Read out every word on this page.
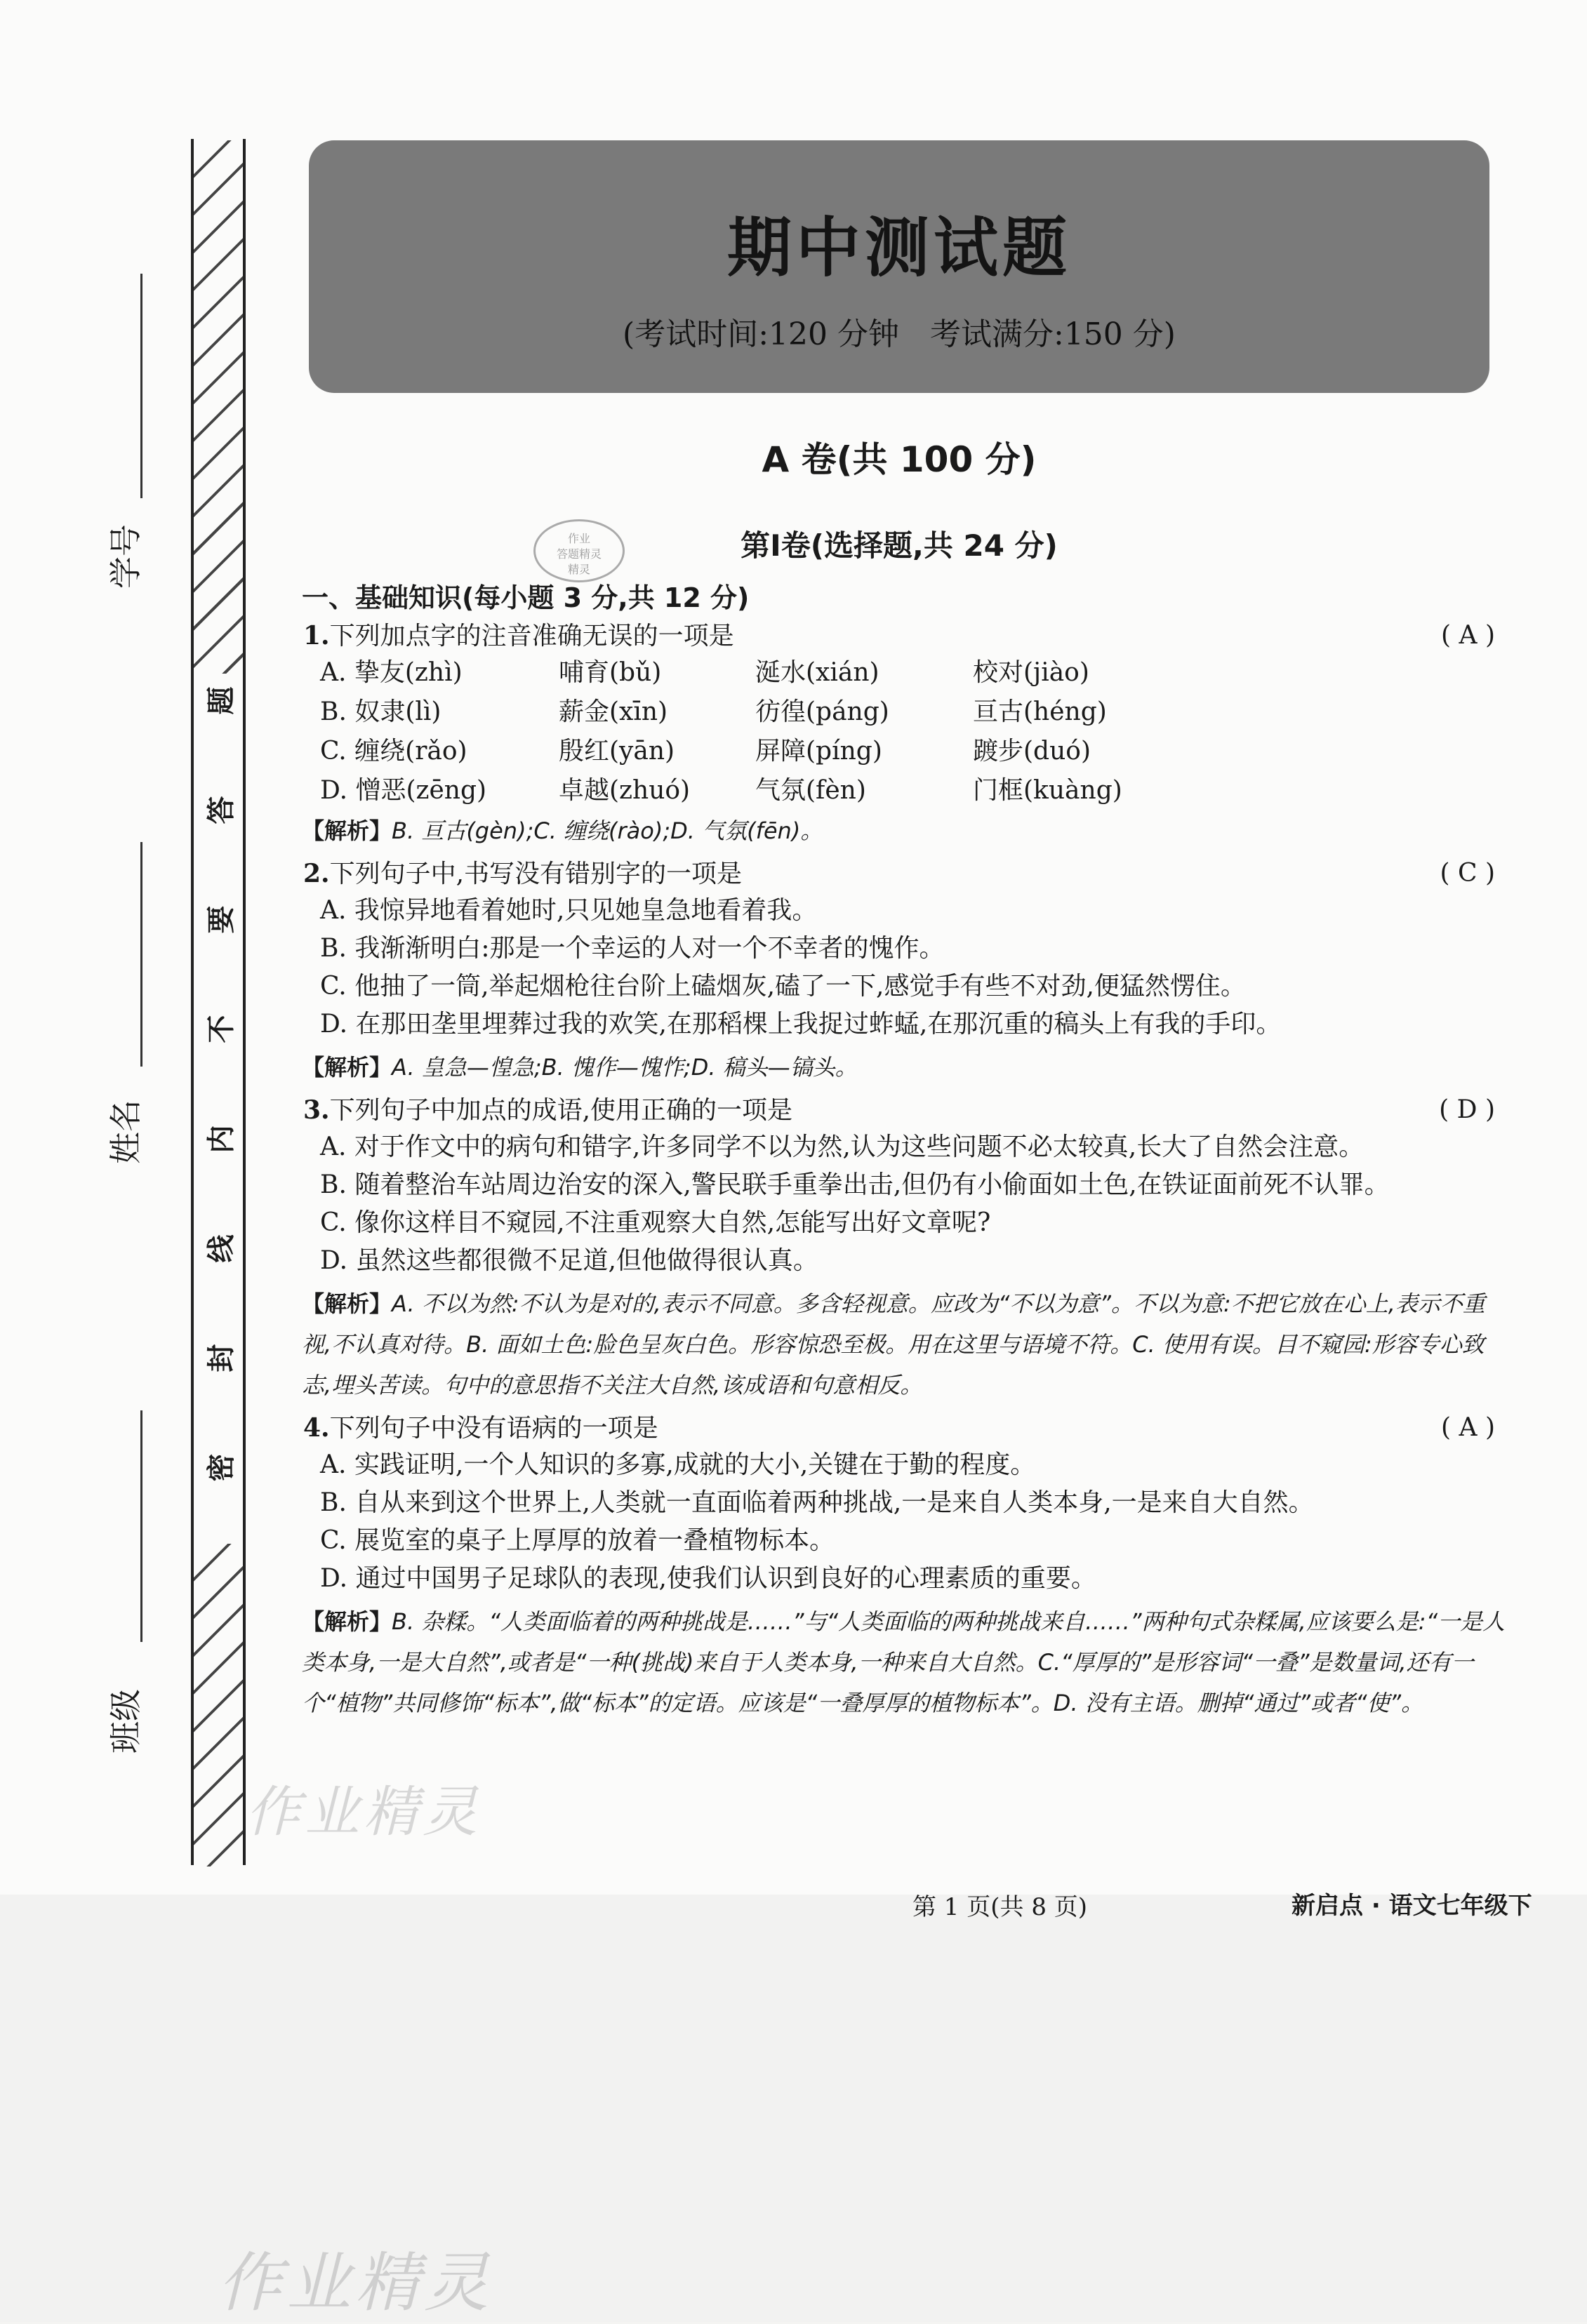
题
答
要
不
内
线
封
密
学号
姓名
班级
期中测试题
(考试时间:120 分钟　考试满分:150 分)
A 卷(共 100 分)
第Ⅰ卷(选择题,共 24 分)
作业
答题精灵
精灵
一、基础知识(每小题 3 分,共 12 分)
1.下列加点字的注音准确无误的一项是	( A )
A. 挚友(zhì)	哺育(bǔ)	涎水(xián)	校对(jiào)
B. 奴隶(lì)	薪金(xīn)	彷徨(páng)	亘古(héng)
C. 缠绕(rǎo)	殷红(yān)	屏障(píng)	踱步(duó)
D. 憎恶(zēng)	卓越(zhuó)	气氛(fèn)	门框(kuàng)
【解析】B. 亘古(gèn);C. 缠绕(rào);D. 气氛(fēn)。
2.下列句子中,书写没有错别字的一项是	( C )
A. 我惊异地看着她时,只见她皇急地看着我。
B. 我渐渐明白:那是一个幸运的人对一个不幸者的愧作。
C. 他抽了一筒,举起烟枪往台阶上磕烟灰,磕了一下,感觉手有些不对劲,便猛然愣住。
D. 在那田垄里埋葬过我的欢笑,在那稻棵上我捉过蚱蜢,在那沉重的稿头上有我的手印。
【解析】A. 皇急—惶急;B. 愧作—愧怍;D. 稿头—镐头。
3.下列句子中加点的成语,使用正确的一项是	( D )
A. 对于作文中的病句和错字,许多同学不以为然,认为这些问题不必太较真,长大了自然会注意。
B. 随着整治车站周边治安的深入,警民联手重拳出击,但仍有小偷面如土色,在铁证面前死不认罪。
C. 像你这样目不窥园,不注重观察大自然,怎能写出好文章呢?
D. 虽然这些都很微不足道,但他做得很认真。
【解析】A. 不以为然:不认为是对的,表示不同意。多含轻视意。应改为“不以为意”。不以为意:不把它放在心上,表示不重视,不认真对待。B. 面如土色:脸色呈灰白色。形容惊恐至极。用在这里与语境不符。C. 使用有误。目不窥园:形容专心致志,埋头苦读。句中的意思指不关注大自然,该成语和句意相反。
4.下列句子中没有语病的一项是	( A )
A. 实践证明,一个人知识的多寡,成就的大小,关键在于勤的程度。
B. 自从来到这个世界上,人类就一直面临着两种挑战,一是来自人类本身,一是来自大自然。
C. 展览室的桌子上厚厚的放着一叠植物标本。
D. 通过中国男子足球队的表现,使我们认识到良好的心理素质的重要。
【解析】B. 杂糅。“人类面临着的两种挑战是……”与“人类面临的两种挑战来自……”两种句式杂糅属,应该要么是:“一是人类本身,一是大自然”,或者是“一种(挑战)来自于人类本身,一种来自大自然。C.“厚厚的”是形容词“一叠”是数量词,还有一个“植物”共同修饰“标本”,做“标本”的定语。应该是“一叠厚厚的植物标本”。D. 没有主语。删掉“通过”或者“使”。
作业精灵
作业精灵
第 1 页(共 8 页)	新启点 · 语文七年级下
